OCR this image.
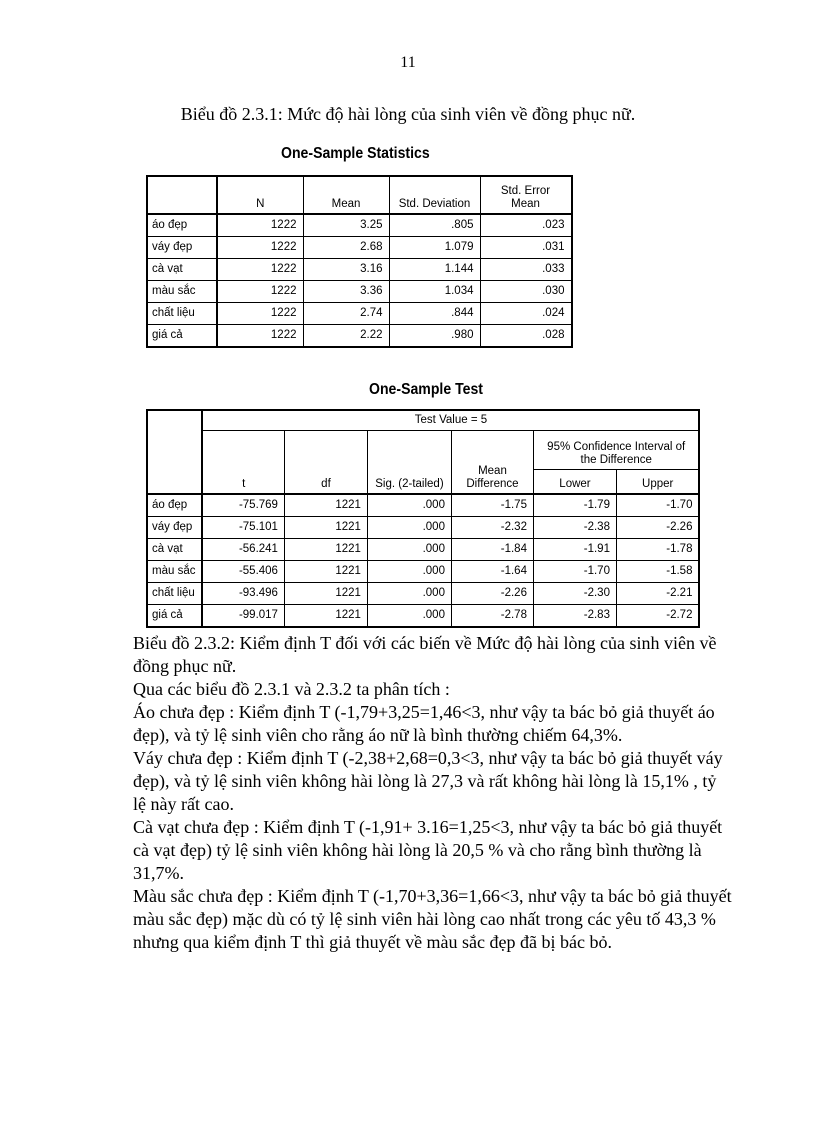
11
Biểu đồ 2.3.1: Mức độ hài lòng của sinh viên về đồng phục nữ.
One-Sample Statistics
	N	Mean	Std. Deviation	Std. Error Mean
áo đẹp	1222	3.25	.805	.023
váy đẹp	1222	2.68	1.079	.031
cà vạt	1222	3.16	1.144	.033
màu sắc	1222	3.36	1.034	.030
chất liệu	1222	2.74	.844	.024
giá cả	1222	2.22	.980	.028
One-Sample Test
	Test Value = 5					
	t	df	Sig. (2-tailed)	Mean Difference	95% Confidence Interval of the Difference	
					Lower	Upper
áo đẹp	-75.769	1221	.000	-1.75	-1.79	-1.70
váy đẹp	-75.101	1221	.000	-2.32	-2.38	-2.26
cà vạt	-56.241	1221	.000	-1.84	-1.91	-1.78
màu sắc	-55.406	1221	.000	-1.64	-1.70	-1.58
chất liệu	-93.496	1221	.000	-2.26	-2.30	-2.21
giá cả	-99.017	1221	.000	-2.78	-2.83	-2.72

Biểu đồ 2.3.2: Kiểm định T đối với các biến về Mức độ hài lòng của sinh viên về đồng phục nữ.

Qua các biểu đồ 2.3.1 và 2.3.2 ta phân tích :

Áo chưa đẹp : Kiểm định T (-1,79+3,25=1,46<3, như vậy ta bác bỏ giả thuyết áo đẹp), và tỷ lệ sinh viên cho rằng áo nữ là bình thường chiếm 64,3%.

Váy chưa đẹp : Kiểm định T (-2,38+2,68=0,3<3, như vậy ta bác bỏ giả thuyết váy đẹp), và tỷ lệ sinh viên không hài lòng là 27,3 và rất không hài lòng là 15,1% , tỷ lệ này rất cao.

Cà vạt chưa đẹp : Kiểm định T (-1,91+ 3.16=1,25<3, như vậy ta bác bỏ giả thuyết cà vạt đẹp) tỷ lệ sinh viên không hài lòng là 20,5 % và cho rằng bình thường là 31,7%.

Màu sắc chưa đẹp : Kiểm định T (-1,70+3,36=1,66<3, như vậy ta bác bỏ giả thuyết màu sắc đẹp) mặc dù có tỷ lệ sinh viên hài lòng cao nhất trong các yêu tố 43,3 % nhưng qua kiểm định T thì giả thuyết về màu sắc đẹp đã bị bác bỏ.
